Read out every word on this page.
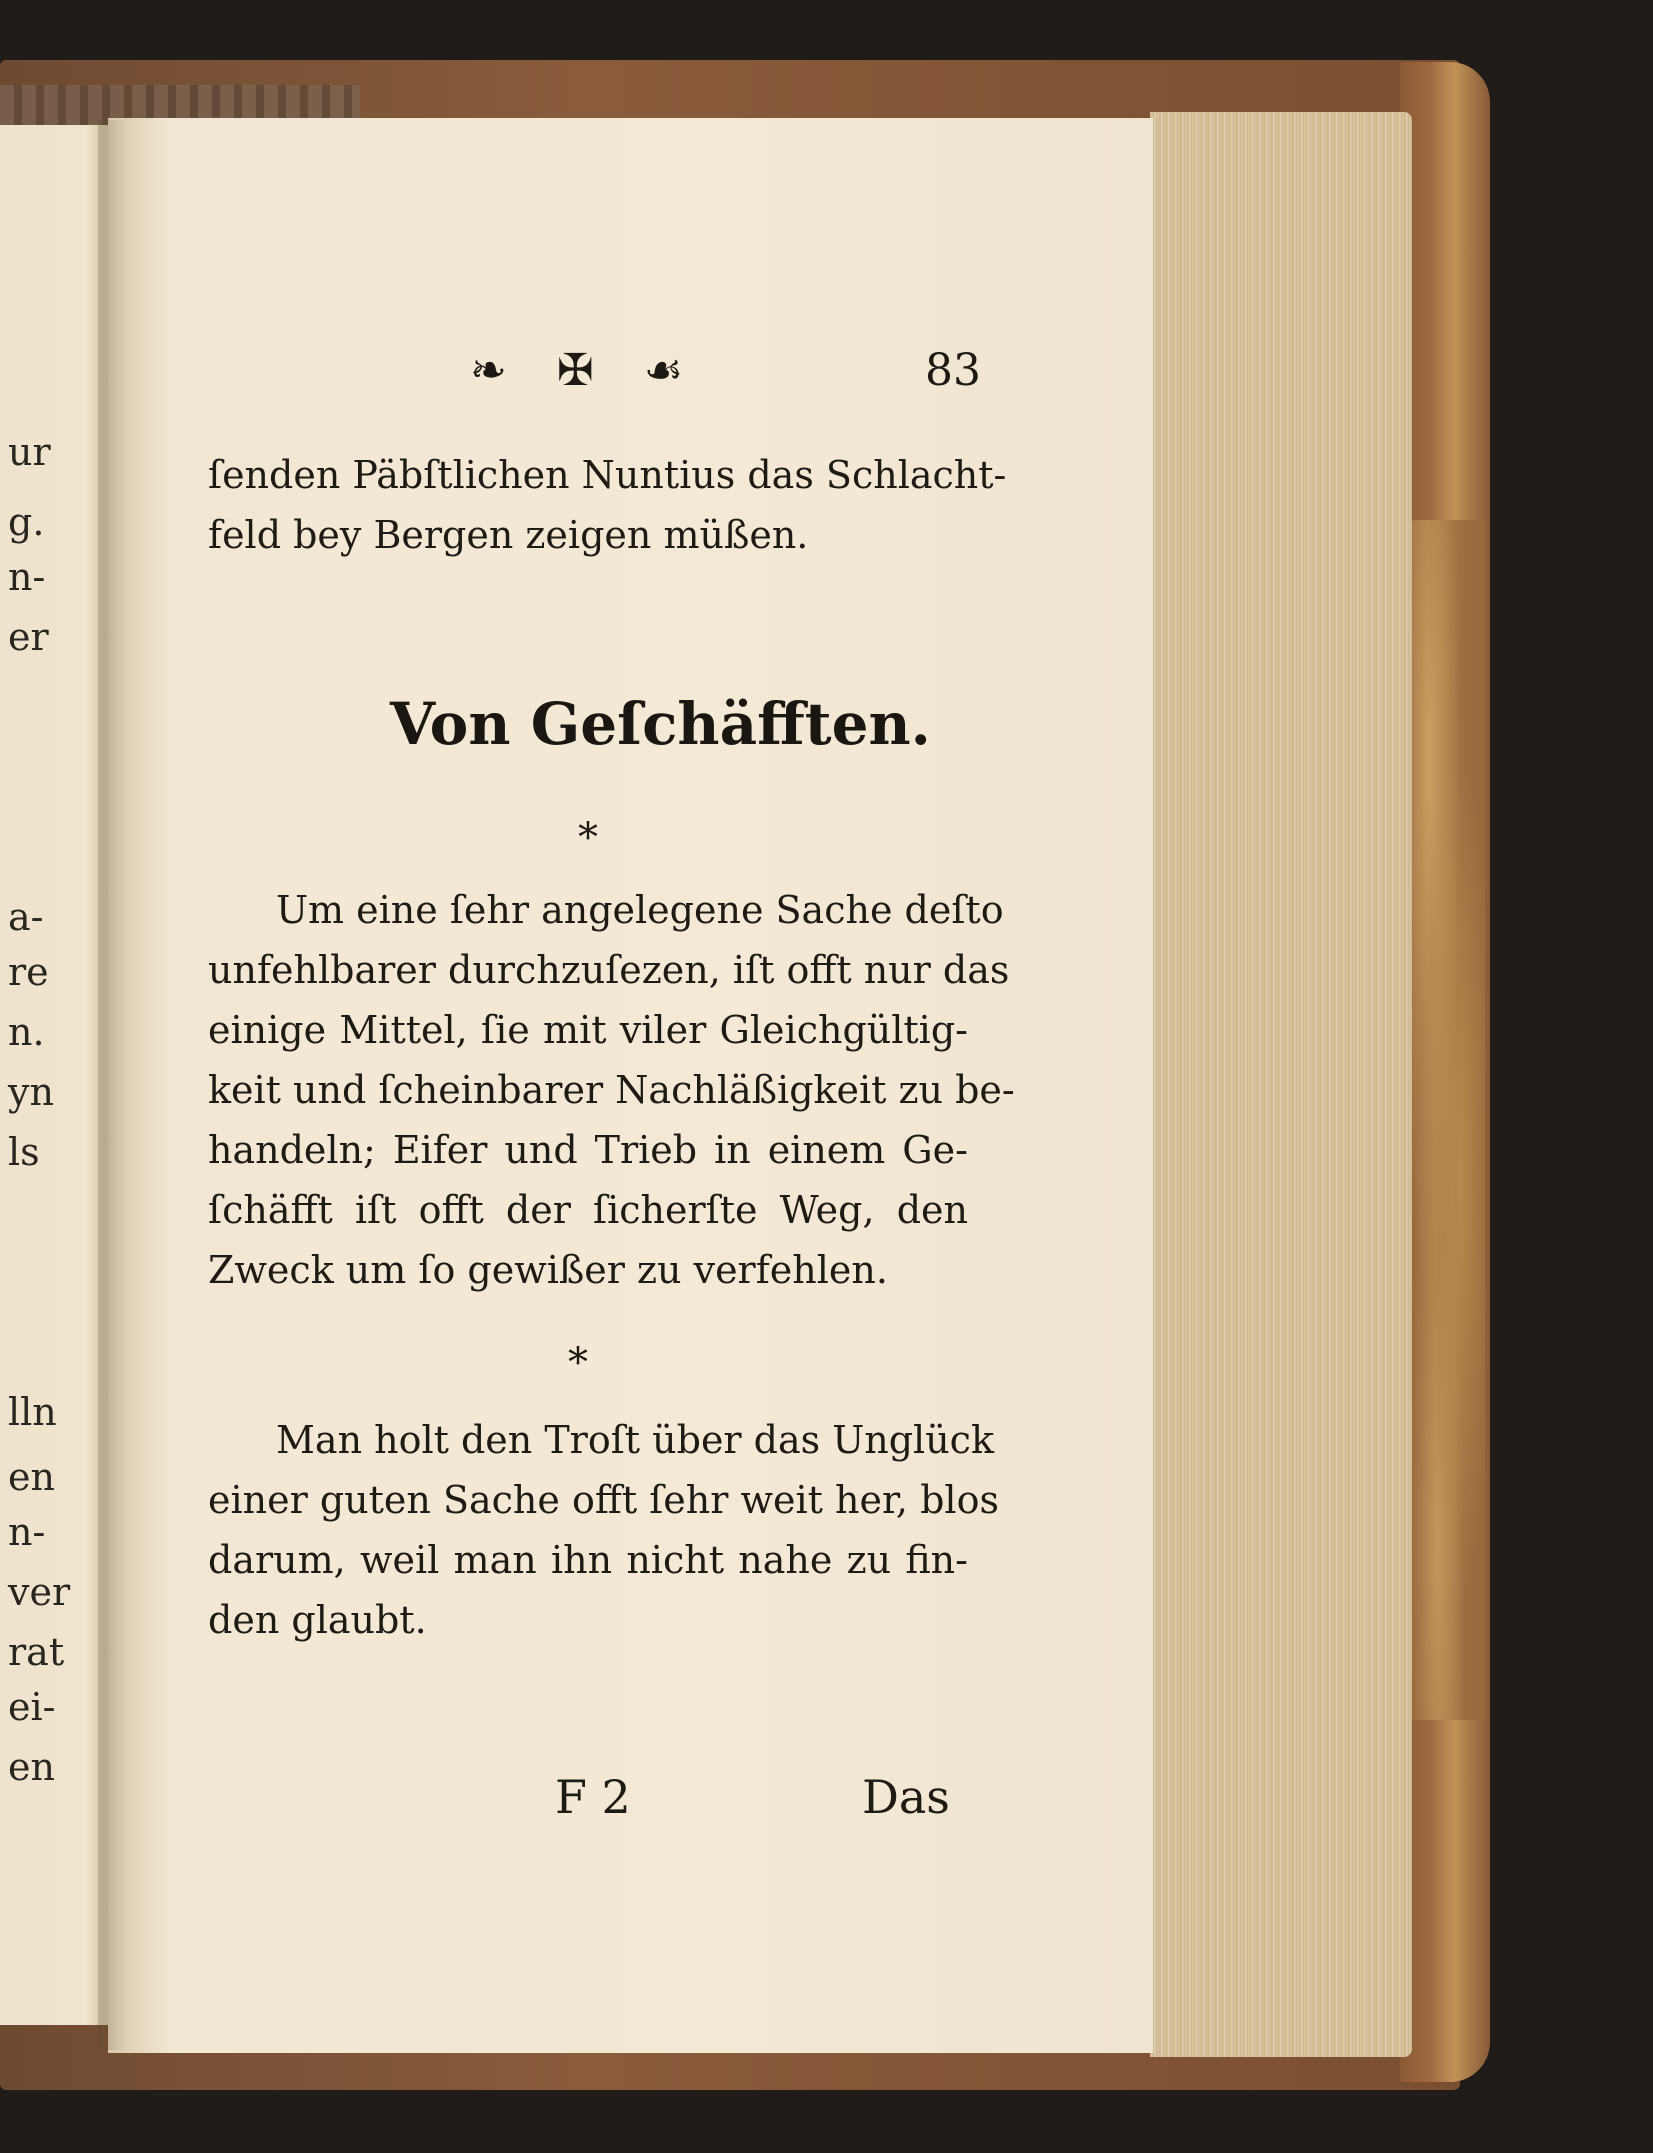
ur
g.
n-
er
a-
re
n.
yn
ls
lln
en
n-
ver
rat
ei-
en
❧ ✠ ☙	83
ſenden Päbſtlichen Nuntius das Schlacht-
feld bey Bergen zeigen müßen.
Von Geſchäfften.
*
Um eine ſehr angelegene Sache deſto
unfehlbarer durchzuſezen, iſt offt nur das
einige Mittel, ſie mit viler Gleichgültig-
keit und ſcheinbarer Nachläßigkeit zu be-
handeln; Eifer und Trieb in einem Ge-
ſchäfft iſt offt der ſicherſte Weg, den
Zweck um ſo gewißer zu verfehlen.
*
Man holt den Troſt über das Unglück
einer guten Sache offt ſehr weit her, blos
darum, weil man ihn nicht nahe zu fin-
den glaubt.
F 2	Das
